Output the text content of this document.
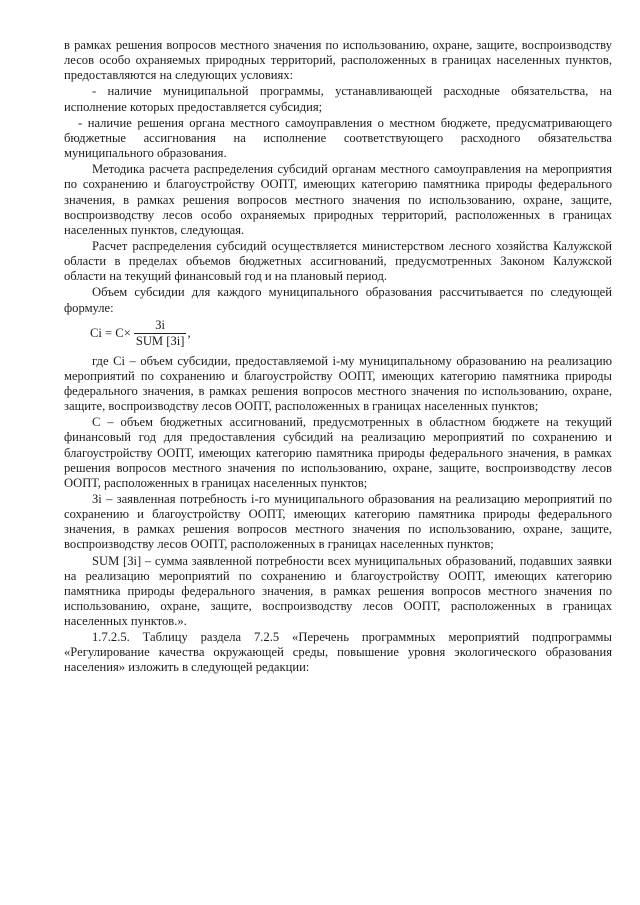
в рамках решения вопросов местного значения по использованию, охране, защите, воспроизводству лесов особо охраняемых природных территорий, расположенных в границах населенных пунктов, предоставляются на следующих условиях:

- наличие муниципальной программы, устанавливающей расходные обязательства, на исполнение которых предоставляется субсидия;

- наличие решения органа местного самоуправления о местном бюджете, предусматривающего бюджетные ассигнования на исполнение соответствующего расходного обязательства муниципального образования.

Методика расчета распределения субсидий органам местного самоуправления на мероприятия по сохранению и благоустройству ООПТ, имеющих категорию памятника природы федерального значения, в рамках решения вопросов местного значения по использованию, охране, защите, воспроизводству лесов особо охраняемых природных территорий, расположенных в границах населенных пунктов, следующая.

Расчет распределения субсидий осуществляется министерством лесного хозяйства Калужской области в пределах объемов бюджетных ассигнований, предусмотренных Законом Калужской области на текущий финансовый год и на плановый период.

Объем субсидии для каждого муниципального образования рассчитывается по следующей формуле:

$Ci = C\times \frac{Зi}{\text{SUM [Зi]}}$ ,

где Ci – объем субсидии, предоставляемой i-му муниципальному образованию на реализацию мероприятий по сохранению и благоустройству ООПТ, имеющих категорию памятника природы федерального значения, в рамках решения вопросов местного значения по использованию, охране, защите, воспроизводству лесов ООПТ, расположенных в границах населенных пунктов;

С – объем бюджетных ассигнований, предусмотренных в областном бюджете на текущий финансовый год для предоставления субсидий на реализацию мероприятий по сохранению и благоустройству ООПТ, имеющих категорию памятника природы федерального значения, в рамках решения вопросов местного значения по использованию, охране, защите, воспроизводству лесов ООПТ, расположенных в границах населенных пунктов;

Зi – заявленная потребность i-го муниципального образования на реализацию мероприятий по сохранению и благоустройству ООПТ, имеющих категорию памятника природы федерального значения, в рамках решения вопросов местного значения по использованию, охране, защите, воспроизводству лесов ООПТ, расположенных в границах населенных пунктов;

SUM [Зi] – сумма заявленной потребности всех муниципальных образований, подавших заявки на реализацию мероприятий по сохранению и благоустройству ООПТ, имеющих категорию памятника природы федерального значения, в рамках решения вопросов местного значения по использованию, охране, защите, воспроизводству лесов ООПТ, расположенных в границах населенных пунктов.».

1.7.2.5. Таблицу раздела 7.2.5 «Перечень программных мероприятий подпрограммы «Регулирование качества окружающей среды, повышение уровня экологического образования населения» изложить в следующей редакции:
